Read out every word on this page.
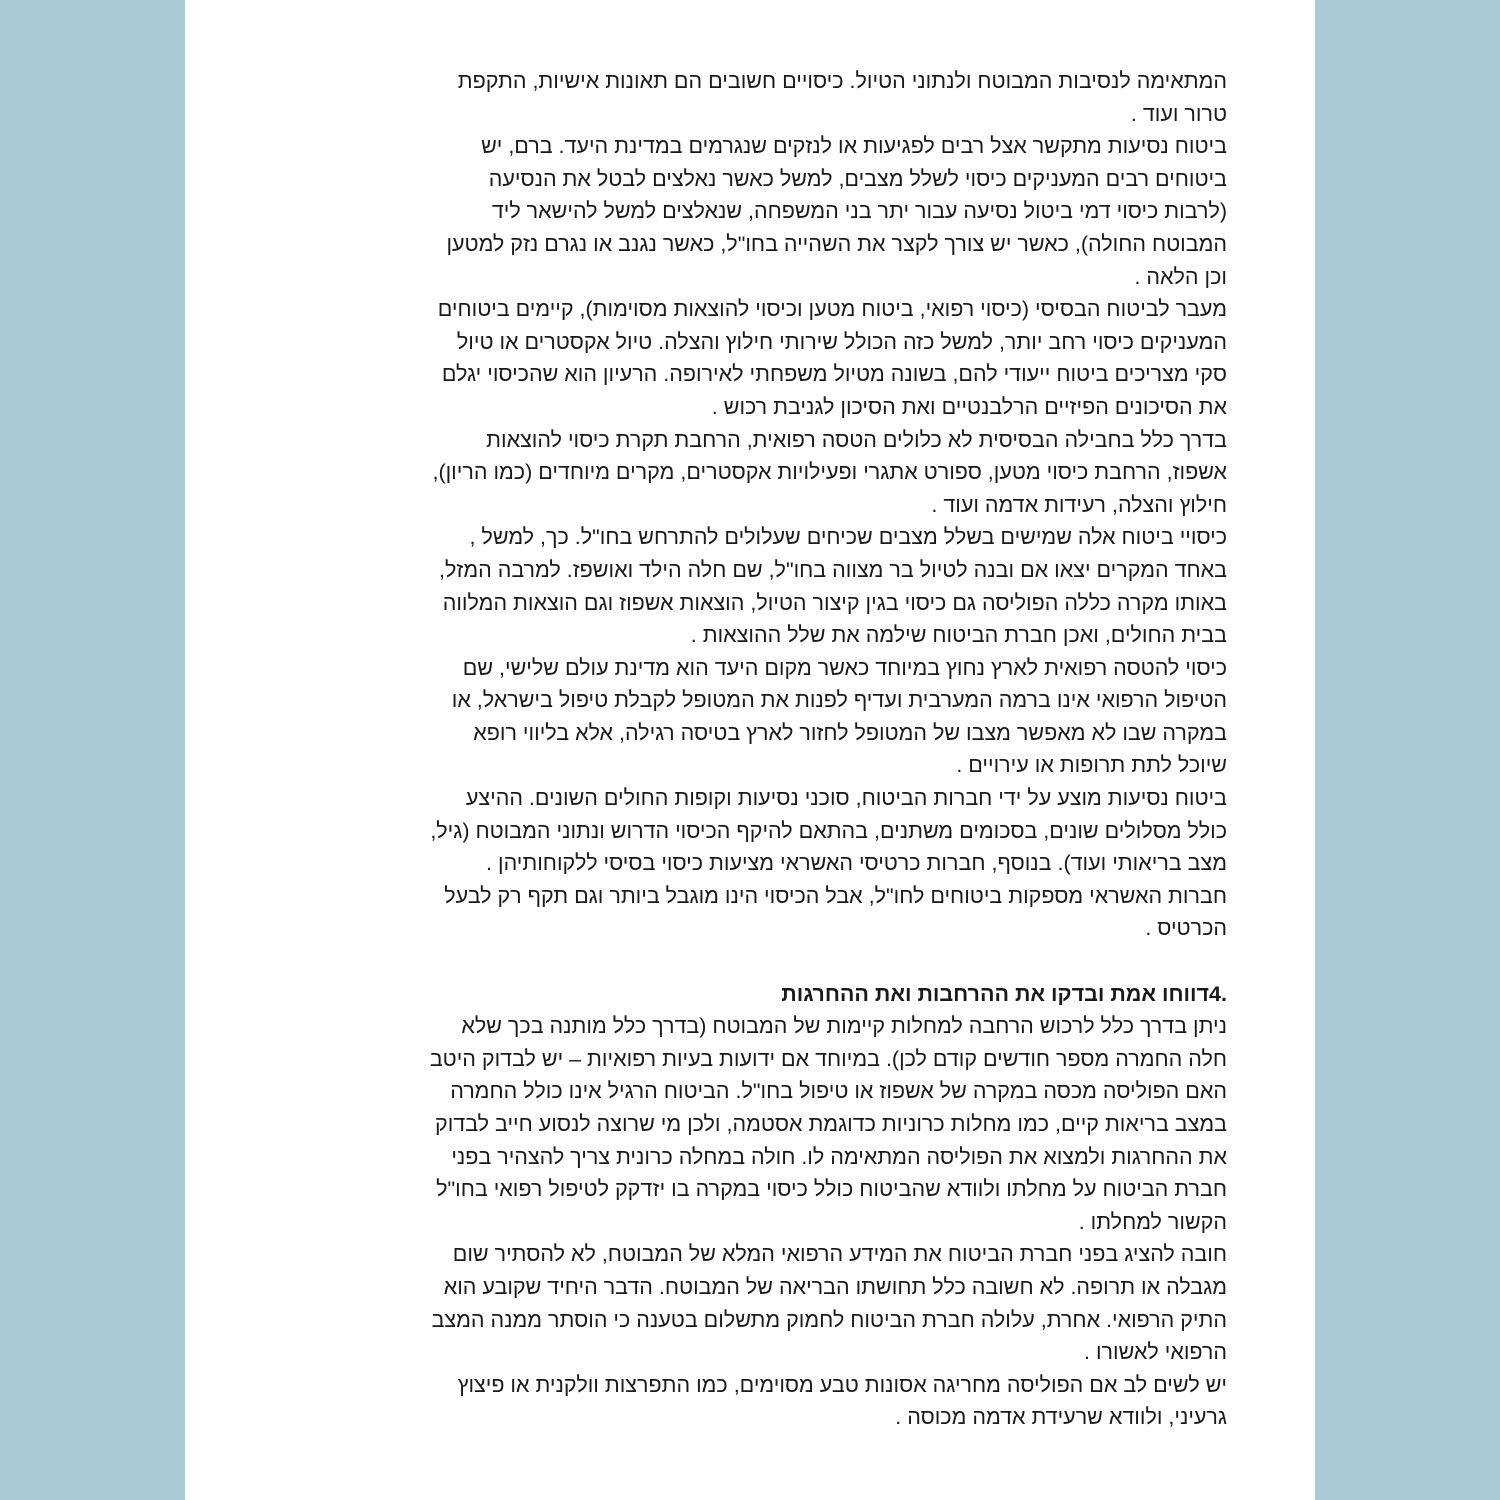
המתאימה לנסיבות המבוטח ולנתוני הטיול. כיסויים חשובים הם תאונות אישיות, התקפת
טרור ועוד .
ביטוח נסיעות מתקשר אצל רבים לפגיעות או לנזקים שנגרמים במדינת היעד. ברם, יש
ביטוחים רבים המעניקים כיסוי לשלל מצבים, למשל כאשר נאלצים לבטל את הנסיעה
(לרבות כיסוי דמי ביטול נסיעה עבור יתר בני המשפחה, שנאלצים למשל להישאר ליד
המבוטח החולה), כאשר יש צורך לקצר את השהייה בחו"ל, כאשר נגנב או נגרם נזק למטען
וכן הלאה .
מעבר לביטוח הבסיסי (כיסוי רפואי, ביטוח מטען וכיסוי להוצאות מסוימות), קיימים ביטוחים
המעניקים כיסוי רחב יותר, למשל כזה הכולל שירותי חילוץ והצלה. טיול אקסטרים או טיול
סקי מצריכים ביטוח ייעודי להם, בשונה מטיול משפחתי לאירופה. הרעיון הוא שהכיסוי יגלם
את הסיכונים הפיזיים הרלבנטיים ואת הסיכון לגניבת רכוש .
בדרך כלל בחבילה הבסיסית לא כלולים הטסה רפואית, הרחבת תקרת כיסוי להוצאות
אשפוז, הרחבת כיסוי מטען, ספורט אתגרי ופעילויות אקסטרים, מקרים מיוחדים (כמו הריון),
חילוץ והצלה, רעידות אדמה ועוד .
כיסויי ביטוח אלה שמישים בשלל מצבים שכיחים שעלולים להתרחש בחו"ל. כך, למשל ,
באחד המקרים יצאו אם ובנה לטיול בר מצווה בחו"ל, שם חלה הילד ואושפז. למרבה המזל,
באותו מקרה כללה הפוליסה גם כיסוי בגין קיצור הטיול, הוצאות אשפוז וגם הוצאות המלווה
בבית החולים, ואכן חברת הביטוח שילמה את שלל ההוצאות .
כיסוי להטסה רפואית לארץ נחוץ במיוחד כאשר מקום היעד הוא מדינת עולם שלישי, שם
הטיפול הרפואי אינו ברמה המערבית ועדיף לפנות את המטופל לקבלת טיפול בישראל, או
במקרה שבו לא מאפשר מצבו של המטופל לחזור לארץ בטיסה רגילה, אלא בליווי רופא
שיוכל לתת תרופות או עירויים .
ביטוח נסיעות מוצע על ידי חברות הביטוח, סוכני נסיעות וקופות החולים השונים. ההיצע
כולל מסלולים שונים, בסכומים משתנים, בהתאם להיקף הכיסוי הדרוש ונתוני המבוטח (גיל,
מצב בריאותי ועוד). בנוסף, חברות כרטיסי האשראי מציעות כיסוי בסיסי ללקוחותיהן .
חברות האשראי מספקות ביטוחים לחו"ל, אבל הכיסוי הינו מוגבל ביותר וגם תקף רק לבעל
הכרטיס .
.4דווחו אמת ובדקו את ההרחבות ואת ההחרגות
ניתן בדרך כלל לרכוש הרחבה למחלות קיימות של המבוטח (בדרך כלל מותנה בכך שלא
חלה החמרה מספר חודשים קודם לכן). במיוחד אם ידועות בעיות רפואיות – יש לבדוק היטב
האם הפוליסה מכסה במקרה של אשפוז או טיפול בחו"ל. הביטוח הרגיל אינו כולל החמרה
במצב בריאות קיים, כמו מחלות כרוניות כדוגמת אסטמה, ולכן מי שרוצה לנסוע חייב לבדוק
את ההחרגות ולמצוא את הפוליסה המתאימה לו. חולה במחלה כרונית צריך להצהיר בפני
חברת הביטוח על מחלתו ולוודא שהביטוח כולל כיסוי במקרה בו יזדקק לטיפול רפואי בחו"ל
הקשור למחלתו .
חובה להציג בפני חברת הביטוח את המידע הרפואי המלא של המבוטח, לא להסתיר שום
מגבלה או תרופה. לא חשובה כלל תחושתו הבריאה של המבוטח. הדבר היחיד שקובע הוא
התיק הרפואי. אחרת, עלולה חברת הביטוח לחמוק מתשלום בטענה כי הוסתר ממנה המצב
הרפואי לאשורו .
יש לשים לב אם הפוליסה מחריגה אסונות טבע מסוימים, כמו התפרצות וולקנית או פיצוץ
גרעיני, ולוודא שרעידת אדמה מכוסה .
